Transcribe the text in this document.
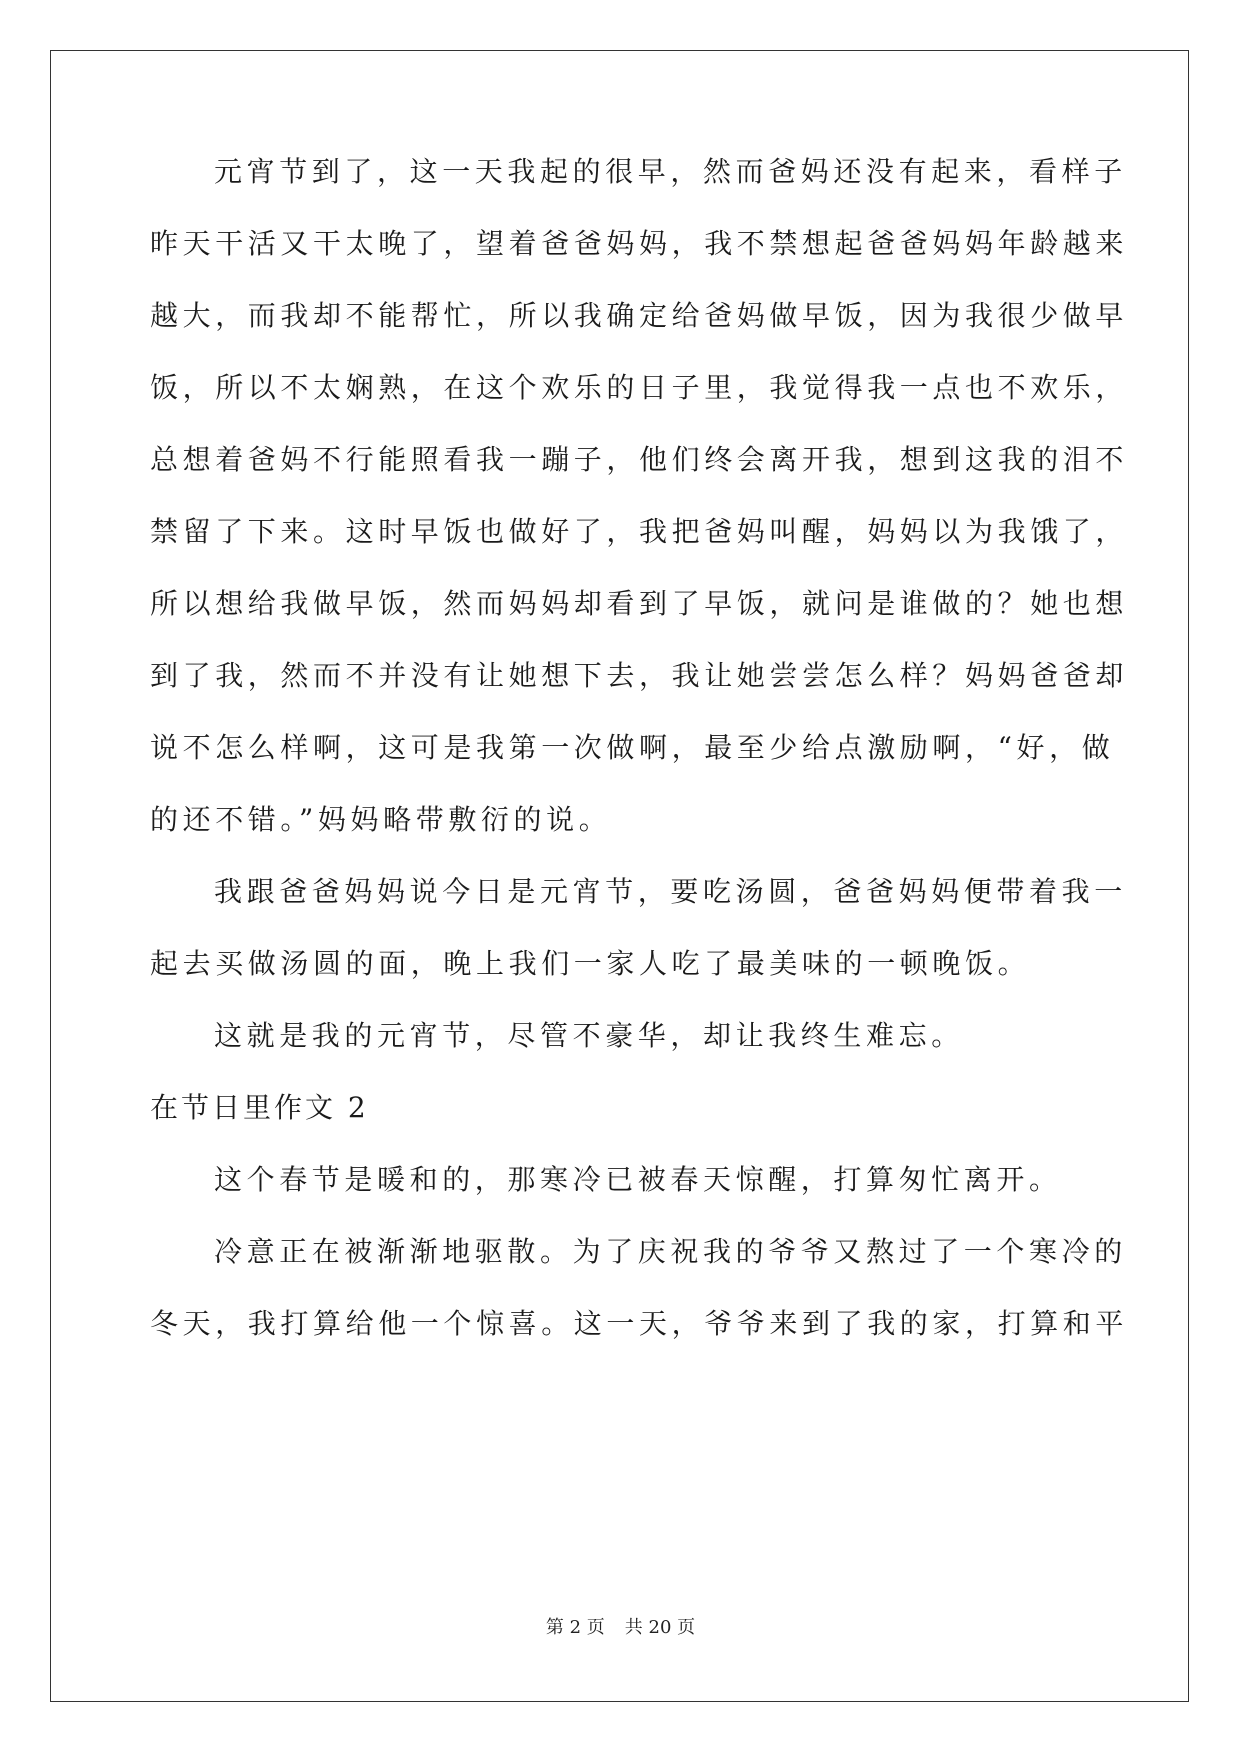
元宵节到了，这一天我起的很早，然而爸妈还没有起来，看样子
昨天干活又干太晚了，望着爸爸妈妈，我不禁想起爸爸妈妈年龄越来
越大，而我却不能帮忙，所以我确定给爸妈做早饭，因为我很少做早
饭，所以不太娴熟，在这个欢乐的日子里，我觉得我一点也不欢乐，
总想着爸妈不行能照看我一蹦子，他们终会离开我，想到这我的泪不
禁留了下来。这时早饭也做好了，我把爸妈叫醒，妈妈以为我饿了，
所以想给我做早饭，然而妈妈却看到了早饭，就问是谁做的？她也想
到了我，然而不并没有让她想下去，我让她尝尝怎么样？妈妈爸爸却
说不怎么样啊，这可是我第一次做啊，最至少给点激励啊，“好，做
的还不错。”妈妈略带敷衍的说。
我跟爸爸妈妈说今日是元宵节，要吃汤圆，爸爸妈妈便带着我一
起去买做汤圆的面，晚上我们一家人吃了最美味的一顿晚饭。
这就是我的元宵节，尽管不豪华，却让我终生难忘。
在节日里作文 2
这个春节是暖和的，那寒冷已被春天惊醒，打算匆忙离开。
冷意正在被渐渐地驱散。为了庆祝我的爷爷又熬过了一个寒冷的
冬天，我打算给他一个惊喜。这一天，爷爷来到了我的家，打算和平
第 2 页 共 20 页
